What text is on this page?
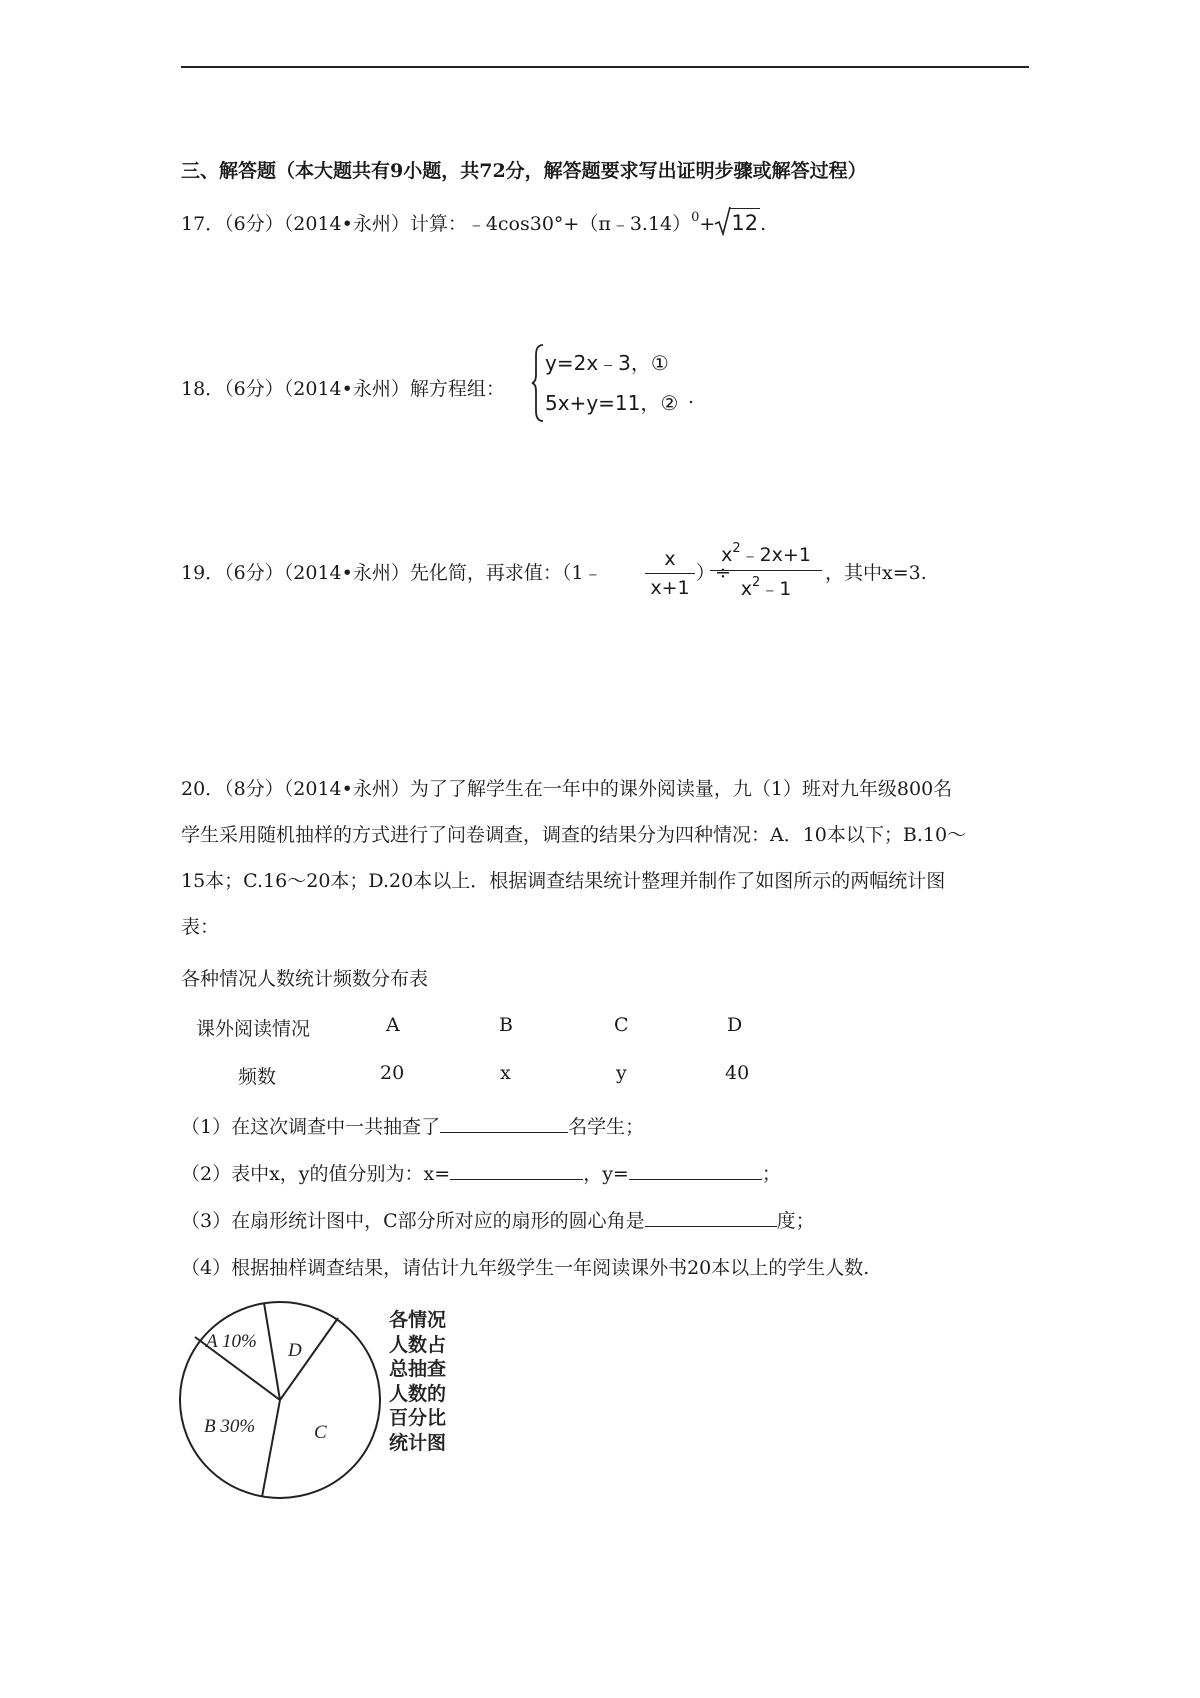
三、解答题（本大题共有9小题，共72分，解答题要求写出证明步骤或解答过程）
17．（6分）（2014•永州）计算：﹣4cos30°+（π﹣3.14）$^0$+ 12 .
18．（6分）（2014•永州）解方程组：
y=2x﹣3，①
5x+y=11，② .
19．（6分）（2014•永州）先化简，再求值：（1﹣
x
x+1
）÷
$x^2﹣2x+1$
$x^2﹣1$
，其中x=3.
20．（8分）（2014•永州）为了了解学生在一年中的课外阅读量，九（1）班对九年级800名
学生采用随机抽样的方式进行了问卷调查，调查的结果分为四种情况：A．10本以下；B.10～
15本；C.16～20本；D.20本以上．根据调查结果统计整理并制作了如图所示的两幅统计图
表：
各种情况人数统计频数分布表
课外阅读情况	A	B	C	D
频数	20	x	y	40
（1）在这次调查中一共抽查了	名学生；
（2）表中x，y的值分别为：x=	，y=	；
（3）在扇形统计图中，C部分所对应的扇形的圆心角是	度；
（4）根据抽样调查结果，请估计九年级学生一年阅读课外书20本以上的学生人数.
A 10% D
B 30%	C
各情况
人数占
总抽查
人数的
百分比
统计图
